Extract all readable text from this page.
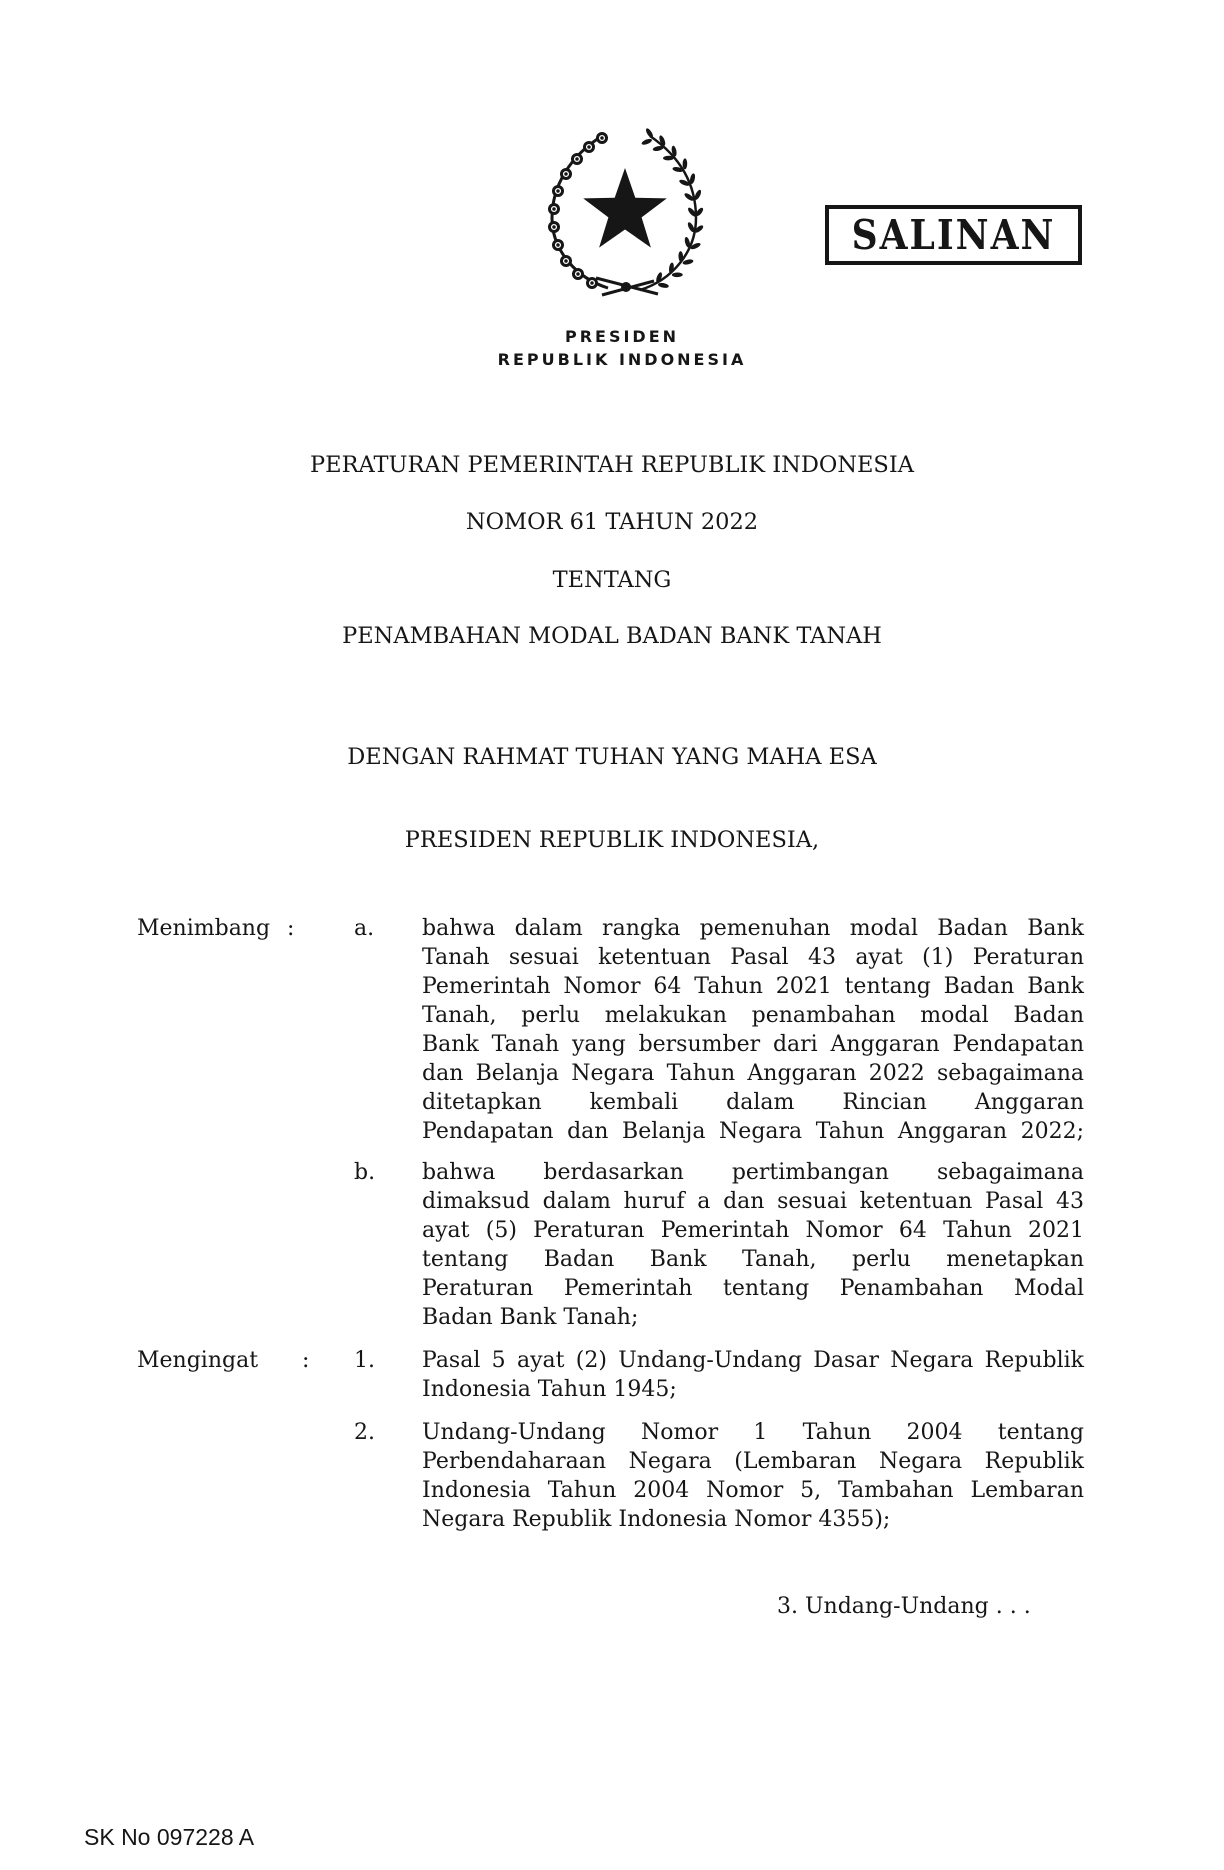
SALINAN
PRESIDEN
REPUBLIK INDONESIA
PERATURAN PEMERINTAH REPUBLIK INDONESIA
NOMOR 61 TAHUN 2022
TENTANG
PENAMBAHAN MODAL BADAN BANK TANAH
DENGAN RAHMAT TUHAN YANG MAHA ESA
PRESIDEN REPUBLIK INDONESIA,
Menimbang :	a. bahwa dalam rangka pemenuhan modal Badan Bank
Tanah sesuai ketentuan Pasal 43 ayat (1) Peraturan
Pemerintah Nomor 64 Tahun 2021 tentang Badan Bank
Tanah, perlu melakukan penambahan modal Badan
Bank Tanah yang bersumber dari Anggaran Pendapatan
dan Belanja Negara Tahun Anggaran 2022 sebagaimana
ditetapkan kembali dalam Rincian Anggaran
Pendapatan dan Belanja Negara Tahun Anggaran 2022;
b. bahwa berdasarkan pertimbangan sebagaimana
dimaksud dalam huruf a dan sesuai ketentuan Pasal 43
ayat (5) Peraturan Pemerintah Nomor 64 Tahun 2021
tentang Badan Bank Tanah, perlu menetapkan
Peraturan Pemerintah tentang Penambahan Modal
Badan Bank Tanah;
Mengingat : 1. Pasal 5 ayat (2) Undang-Undang Dasar Negara Republik
Indonesia Tahun 1945;
2. Undang-Undang Nomor 1 Tahun 2004 tentang
Perbendaharaan Negara (Lembaran Negara Republik
Indonesia Tahun 2004 Nomor 5, Tambahan Lembaran
Negara Republik Indonesia Nomor 4355);
3. Undang-Undang . . .
SK No 097228 A
